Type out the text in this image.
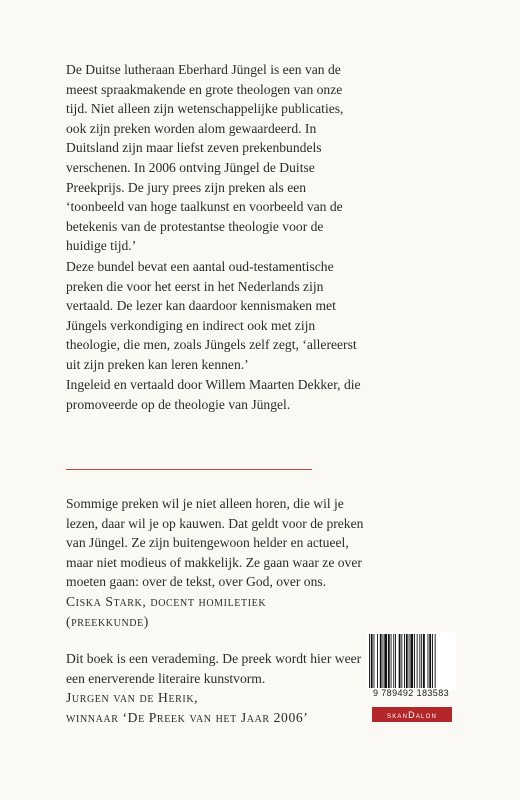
De Duitse lutheraan Eberhard Jüngel is een van de meest spraakmakende en grote theologen van onze tijd. Niet alleen zijn wetenschappelijke publicaties, ook zijn preken worden alom gewaardeerd. In Duitsland zijn maar liefst zeven prekenbundels verschenen. In 2006 ontving Jüngel de Duitse Preekprijs. De jury prees zijn preken als een ‘toonbeeld van hoge taalkunst en voorbeeld van de betekenis van de protestantse theologie voor de huidige tijd.’

Deze bundel bevat een aantal oud-testamentische preken die voor het eerst in het Nederlands zijn vertaald. De lezer kan daardoor kennismaken met Jüngels verkondiging en indirect ook met zijn theologie, die men, zoals Jüngels zelf zegt, ‘allereerst uit zijn preken kan leren kennen.’

Ingeleid en vertaald door Willem Maarten Dekker, die promoveerde op de theologie van Jüngel.

Sommige preken wil je niet alleen horen, die wil je lezen, daar wil je op kauwen. Dat geldt voor de preken van Jüngel. Ze zijn buitengewoon helder en actueel, maar niet modieus of makkelijk. Ze gaan waar ze over moeten gaan: over de tekst, over God, over ons.
Ciska Stark, docent homiletiek
(preekkunde)
Dit boek is een verademing. De preek wordt hier weer een enerverende literaire kunstvorm.
Jurgen van de Herik,
winnaar ‘De Preek van het Jaar 2006’
9 789492 183583
skanDalon
